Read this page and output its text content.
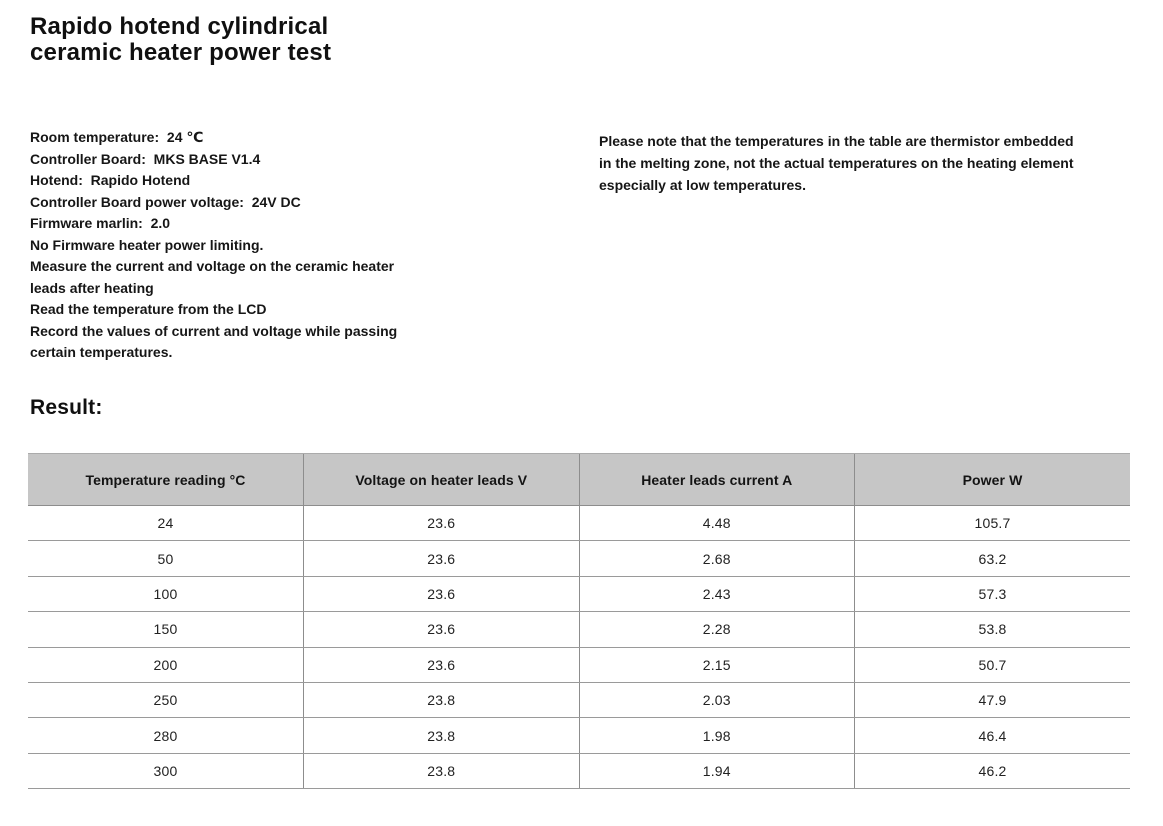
Rapido hotend cylindrical
ceramic heater power test
Room temperature:  24 ℃
Controller Board:  MKS BASE V1.4
Hotend:  Rapido Hotend
Controller Board power voltage:  24V DC
Firmware marlin:  2.0
No Firmware heater power limiting.
Measure the current and voltage on the ceramic heater
leads after heating
Read the temperature from the LCD
Record the values of current and voltage while passing
certain temperatures.
Please note that the temperatures in the table are thermistor embedded
in the melting zone, not the actual temperatures on the heating element
especially at low temperatures.
Result:
Temperature reading °C	Voltage on heater leads V	Heater leads current A	Power W
24	23.6	4.48	105.7
50	23.6	2.68	63.2
100	23.6	2.43	57.3
150	23.6	2.28	53.8
200	23.6	2.15	50.7
250	23.8	2.03	47.9
280	23.8	1.98	46.4
300	23.8	1.94	46.2
